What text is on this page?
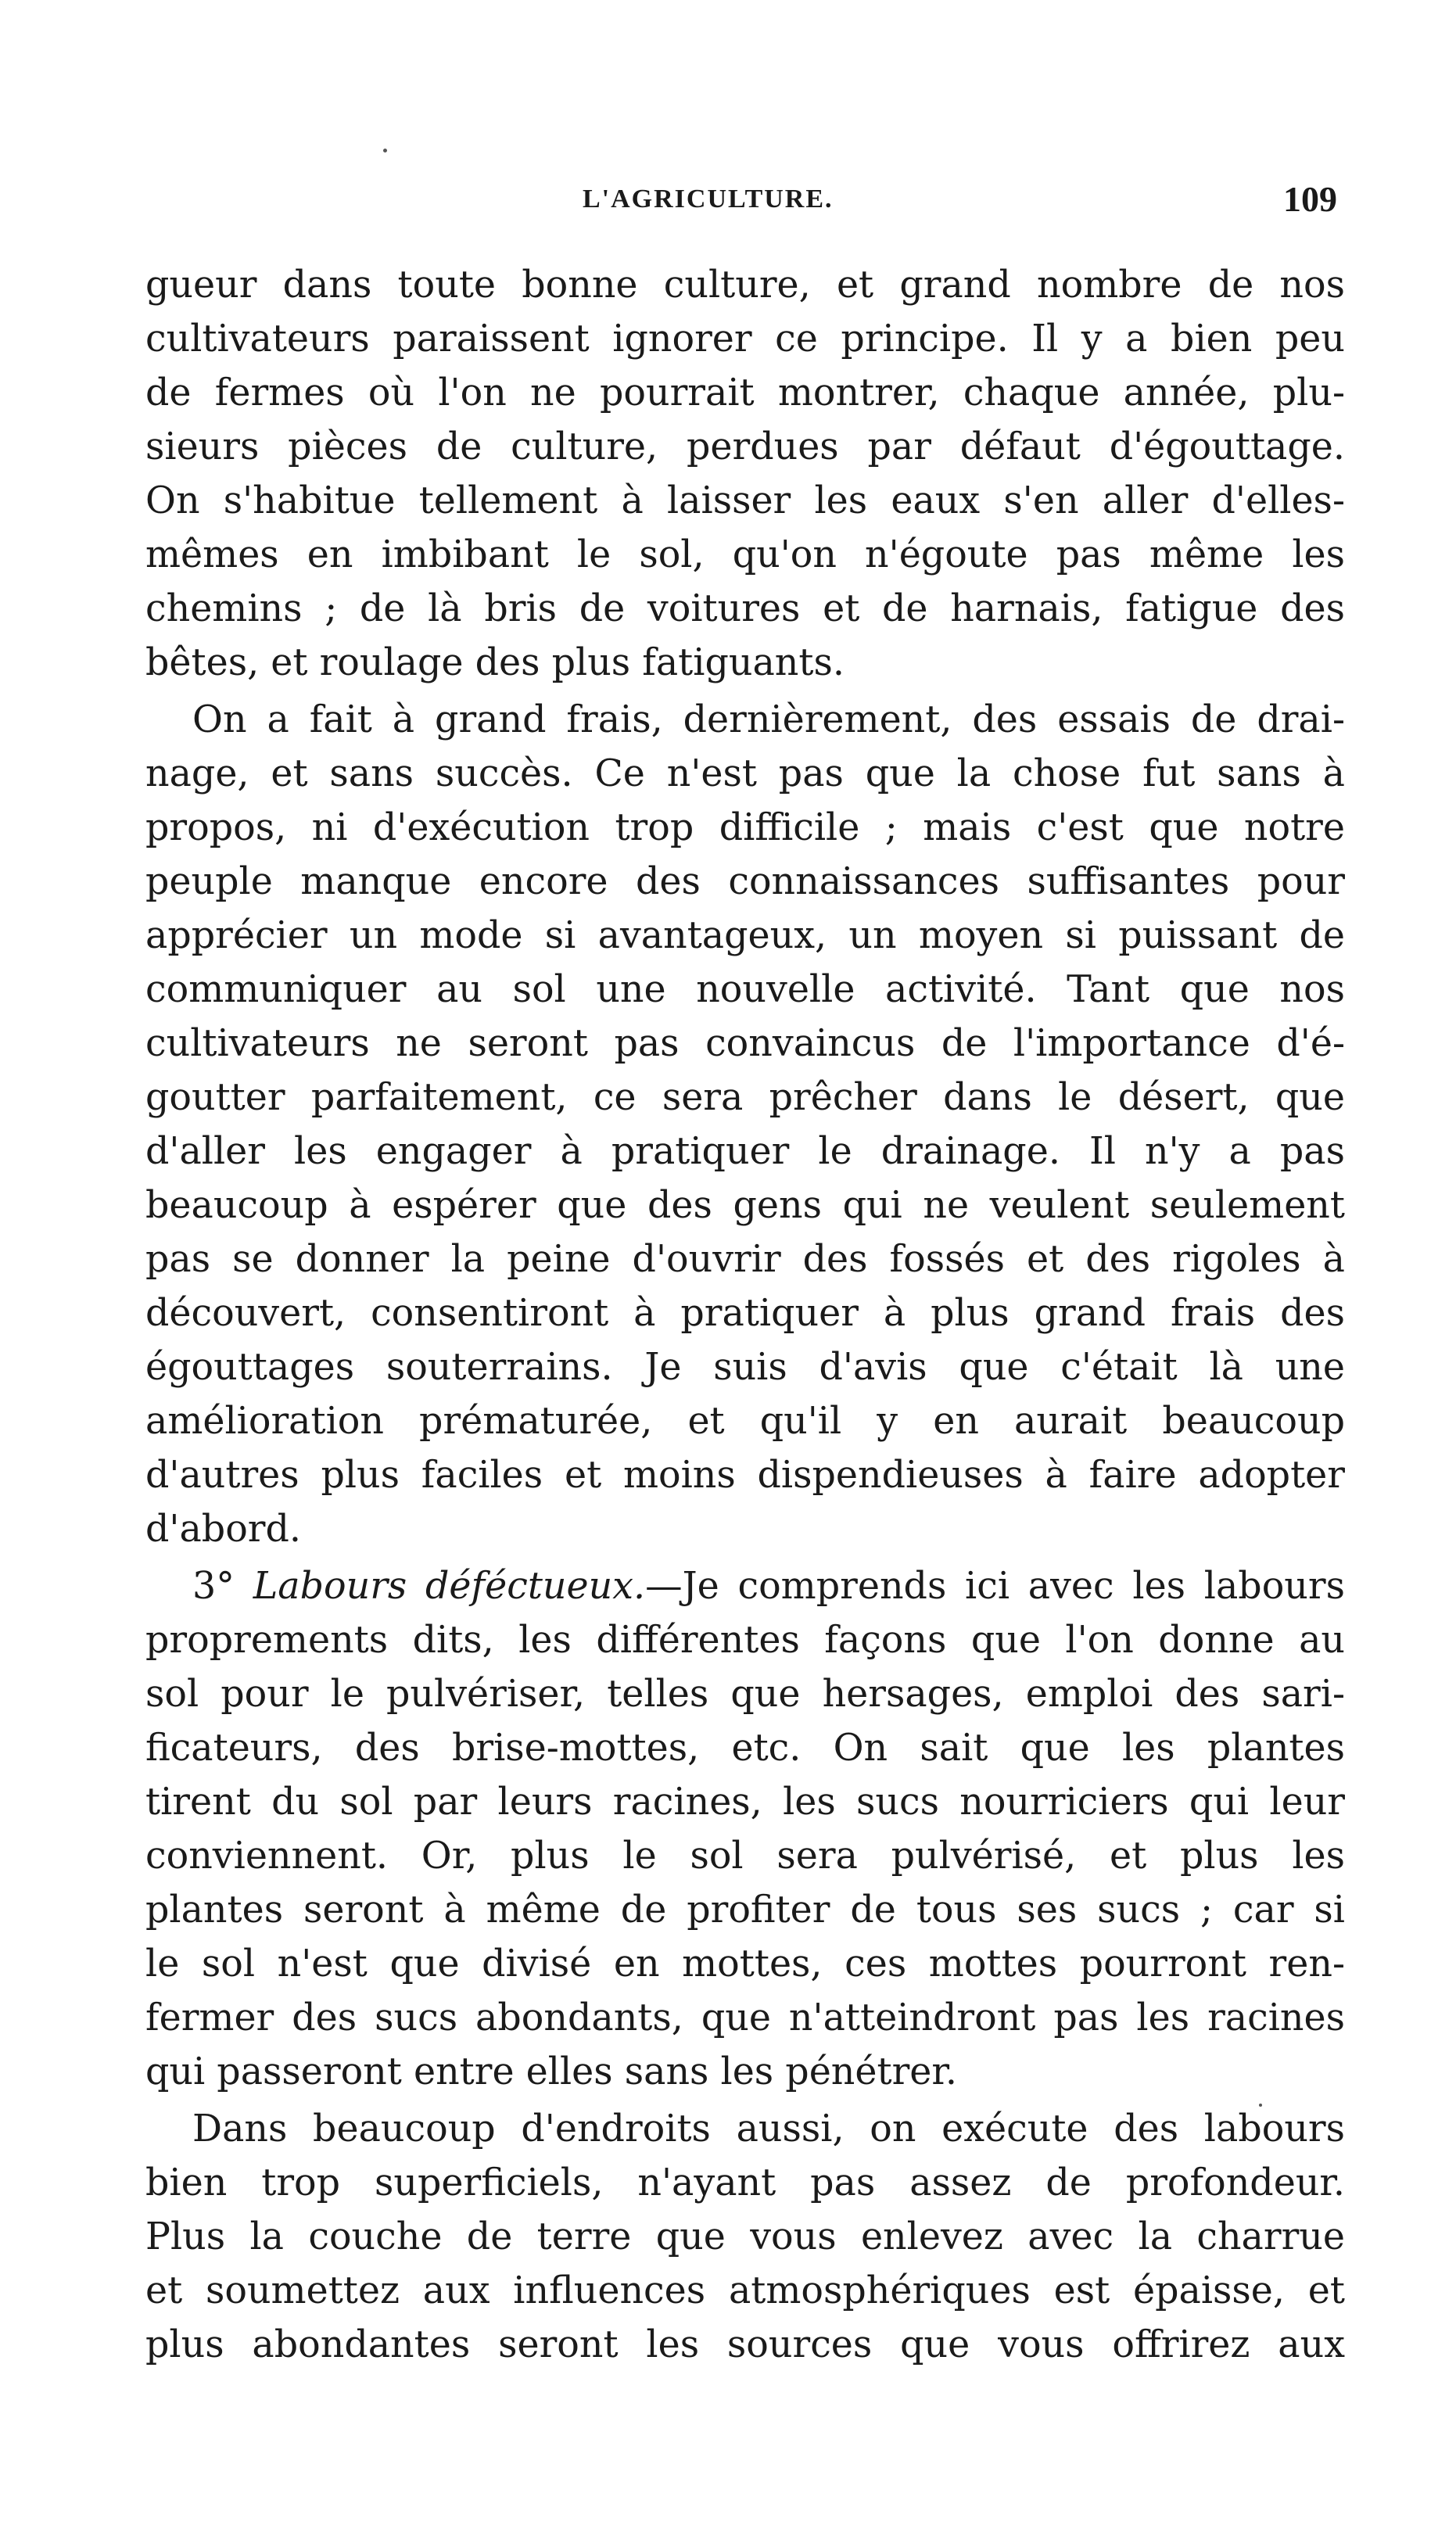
L'AGRICULTURE.	109

gueur dans toute bonne culture, et grand nombre de nos
cultivateurs paraissent ignorer ce principe. Il y a bien peu
de fermes où l'on ne pourrait montrer, chaque année, plu-
sieurs pièces de culture, perdues par défaut d'égouttage.
On s'habitue tellement à laisser les eaux s'en aller d'elles-
mêmes en imbibant le sol, qu'on n'égoute pas même les
chemins ; de là bris de voitures et de harnais, fatigue des
bêtes, et roulage des plus fatiguants.

On a fait à grand frais, dernièrement, des essais de drai-
nage, et sans succès. Ce n'est pas que la chose fut sans à
propos, ni d'exécution trop difficile ; mais c'est que notre
peuple manque encore des connaissances suffisantes pour
apprécier un mode si avantageux, un moyen si puissant de
communiquer au sol une nouvelle activité. Tant que nos
cultivateurs ne seront pas convaincus de l'importance d'é-
goutter parfaitement, ce sera prêcher dans le désert, que
d'aller les engager à pratiquer le drainage. Il n'y a pas
beaucoup à espérer que des gens qui ne veulent seulement
pas se donner la peine d'ouvrir des fossés et des rigoles à
découvert, consentiront à pratiquer à plus grand frais des
égouttages souterrains. Je suis d'avis que c'était là une
amélioration prématurée, et qu'il y en aurait beaucoup
d'autres plus faciles et moins dispendieuses à faire adopter
d'abord.

3° Labours déféctueux.—Je comprends ici avec les labours
proprements dits, les différentes façons que l'on donne au
sol pour le pulvériser, telles que hersages, emploi des sari-
ficateurs, des brise-mottes, etc. On sait que les plantes
tirent du sol par leurs racines, les sucs nourriciers qui leur
conviennent. Or, plus le sol sera pulvérisé, et plus les
plantes seront à même de profiter de tous ses sucs ; car si
le sol n'est que divisé en mottes, ces mottes pourront ren-
fermer des sucs abondants, que n'atteindront pas les racines
qui passeront entre elles sans les pénétrer.

Dans beaucoup d'endroits aussi, on exécute des labours
bien trop superficiels, n'ayant pas assez de profondeur.
Plus la couche de terre que vous enlevez avec la charrue
et soumettez aux influences atmosphériques est épaisse, et
plus abondantes seront les sources que vous offrirez aux
